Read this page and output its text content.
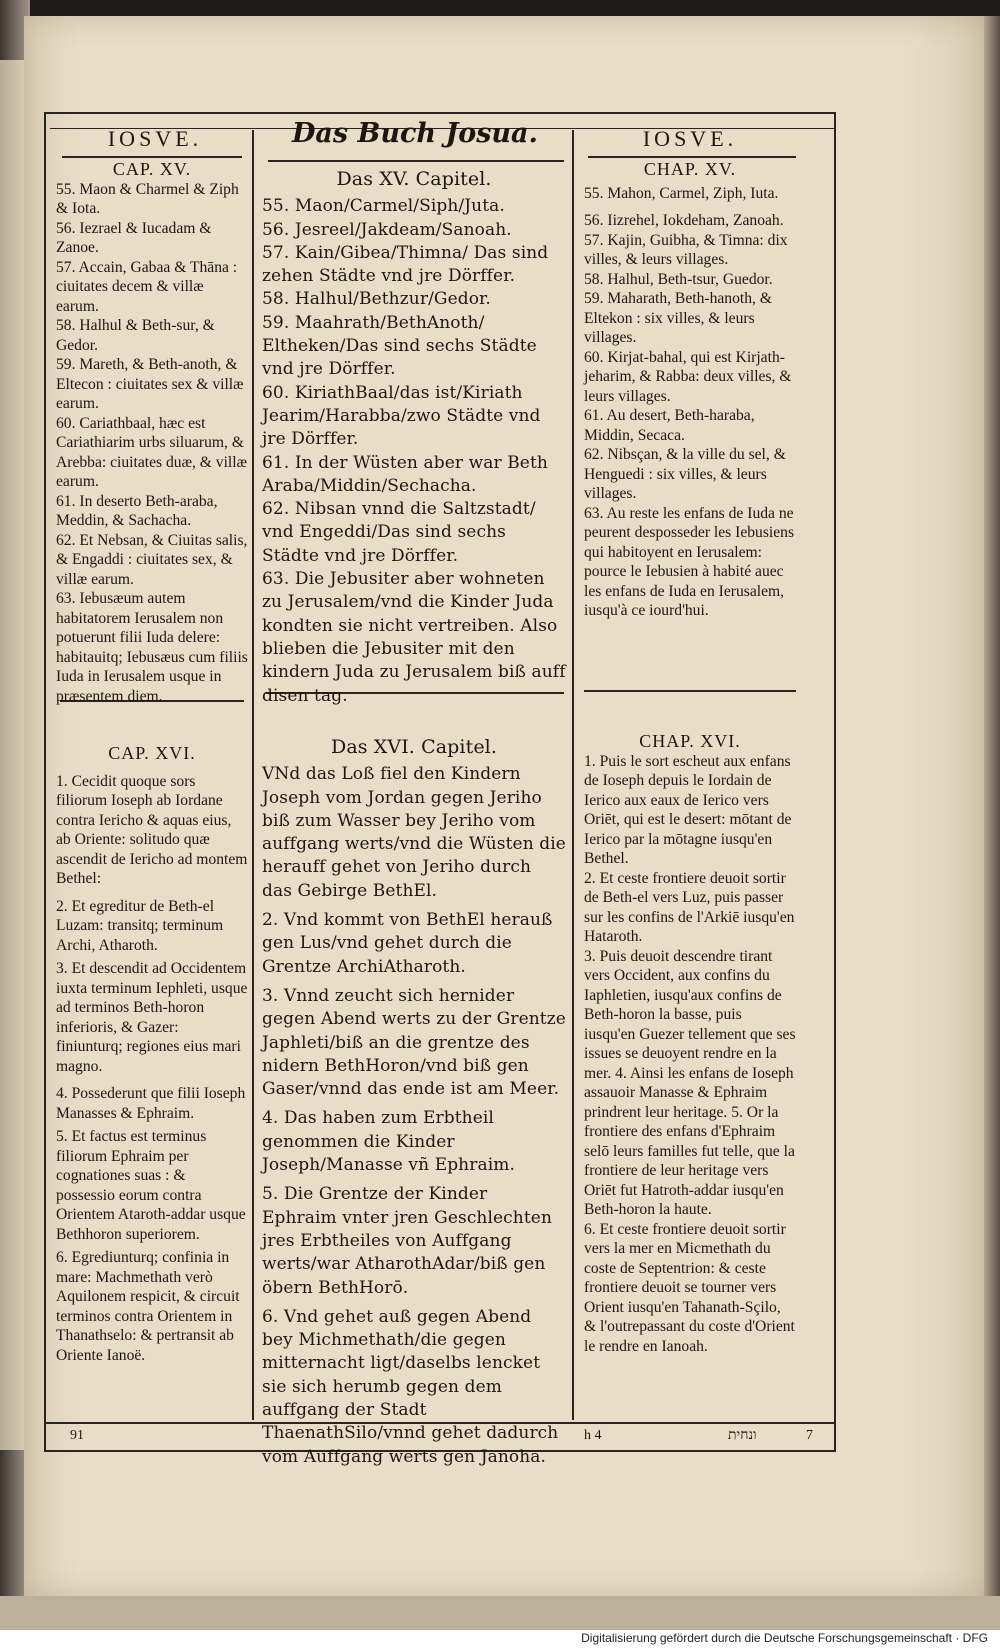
Digitalisierung gefördert durch die Deutsche Forschungsgemeinschaft · DFG
IOSVE.	Das Buch Josua.	IOSVE.

CAP. XV.

55. Maon & Charmel & Ziph & Iota.

56. Iezrael & Iucadam & Zanoe.

57. Accain, Gabaa & Thāna : ciuitates decem & villæ earum.

58. Halhul & Beth-sur, & Gedor.

59. Mareth, & Beth-anoth, & Eltecon : ciuitates sex & villæ earum.

60. Cariathbaal, hæc est Cariathiarim urbs siluarum, & Arebba: ciuitates duæ, & villæ earum.

61. In deserto Beth-araba, Meddin, & Sachacha.

62. Et Nebsan, & Ciuitas salis, & Engaddi : ciuitates sex, & villæ earum.

63. Iebusæum autem habitatorem Ierusalem non potuerunt filii Iuda delere: habitauitq; Iebusæus cum filiis Iuda in Ierusalem usque in præsentem diem.

CAP. XVI.

1. Cecidit quoque sors filiorum Ioseph ab Iordane contra Iericho & aquas eius, ab Oriente: solitudo quæ ascendit de Iericho ad montem Bethel:

2. Et egreditur de Beth-el Luzam: transitq; terminum Archi, Atharoth.

3. Et descendit ad Occidentem iuxta terminum Iephleti, usque ad terminos Beth-horon inferioris, & Gazer: finiunturq; regiones eius mari magno.

4. Possederunt que filii Ioseph Manasses & Ephraim.

5. Et factus est terminus filiorum Ephraim per cognationes suas : & possessio eorum contra Orientem Ataroth-addar usque Bethhoron superiorem.

6. Egrediunturq; confinia in mare: Machmethath verò Aquilonem respicit, & circuit terminos contra Orientem in Thanathselo: & pertransit ab Oriente Ianoë.

Das XV. Capitel.

55. Maon/Carmel/Siph/Juta.

56. Jesreel/Jakdeam/Sanoah.

57. Kain/Gibea/Thimna/ Das sind zehen Städte vnd jre Dörffer.

58. Halhul/Bethzur/Gedor.

59. Maahrath/BethAnoth/ Eltheken/Das sind sechs Städte vnd jre Dörffer.

60. KiriathBaal/das ist/Kiriath Jearim/Harabba/zwo Städte vnd jre Dörffer.

61. In der Wüsten aber war Beth Araba/Middin/Sechacha.

62. Nibsan vnnd die Saltzstadt/ vnd Engeddi/Das sind sechs Städte vnd jre Dörffer.

63. Die Jebusiter aber wohneten zu Jerusalem/vnd die Kinder Juda kondten sie nicht vertreiben. Also blieben die Jebusiter mit den kindern Juda zu Jerusalem biß auff disen tag.

Das XVI. Capitel.

VNd das Loß fiel den Kindern Joseph vom Jordan gegen Jeriho biß zum Wasser bey Jeriho vom auffgang werts/vnd die Wüsten die herauff gehet von Jeriho durch das Gebirge BethEl.

2. Vnd kommt von BethEl herauß gen Lus/vnd gehet durch die Grentze ArchiAtharoth.

3. Vnnd zeucht sich hernider gegen Abend werts zu der Grentze Japhleti/biß an die grentze des nidern BethHoron/vnd biß gen Gaser/vnnd das ende ist am Meer.

4. Das haben zum Erbtheil genommen die Kinder Joseph/Manasse vñ Ephraim.

5. Die Grentze der Kinder Ephraim vnter jren Geschlechten jres Erbtheiles von Auffgang werts/war AtharothAdar/biß gen öbern BethHorō.

6. Vnd gehet auß gegen Abend bey Michmethath/die gegen mitternacht ligt/daselbs lencket sie sich herumb gegen dem auffgang der Stadt ThaenathSilo/vnnd gehet dadurch vom Auffgang werts gen Janoha.

CHAP. XV.

55. Mahon, Carmel, Ziph, Iuta.

56. Iizrehel, Iokdeham, Zanoah.

57. Kajin, Guibha, & Timna: dix villes, & leurs villages.

58. Halhul, Beth-tsur, Guedor. 59. Maharath, Beth-hanoth, & Eltekon : six villes, & leurs villages.

60. Kirjat-bahal, qui est Kirjath-jeharim, & Rabba: deux villes, & leurs villages.

61. Au desert, Beth-haraba, Middin, Secaca.

62. Nibsçan, & la ville du sel, & Henguedi : six villes, & leurs villages.

63. Au reste les enfans de Iuda ne peurent desposseder les Iebusiens qui habitoyent en Ierusalem: pource le Iebusien à habité auec les enfans de Iuda en Ierusalem, iusqu'à ce iourd'hui.

CHAP. XVI.

1. Puis le sort escheut aux enfans de Ioseph depuis le Iordain de Ierico aux eaux de Ierico vers Oriēt, qui est le desert: mōtant de Ierico par la mōtagne iusqu'en Bethel.

2. Et ceste frontiere deuoit sortir de Beth-el vers Luz, puis passer sur les confins de l'Arkiē iusqu'en Hataroth.

3. Puis deuoit descendre tirant vers Occident, aux confins du Iaphletien, iusqu'aux confins de Beth-horon la basse, puis iusqu'en Guezer tellement que ses issues se deuoyent rendre en la mer. 4. Ainsi les enfans de Ioseph assauoir Manasse & Ephraim prindrent leur heritage. 5. Or la frontiere des enfans d'Ephraim selō leurs familles fut telle, que la frontiere de leur heritage vers Oriēt fut Hatroth-addar iusqu'en Beth-horon la haute.

6. Et ceste frontiere deuoit sortir vers la mer en Micmethath du coste de Septentrion: & ceste frontiere deuoit se tourner vers Orient iusqu'en Tahanath-Sçilo, & l'outrepassant du coste d'Orient le rendre en Ianoah.

91	h 4	ונחית	7
